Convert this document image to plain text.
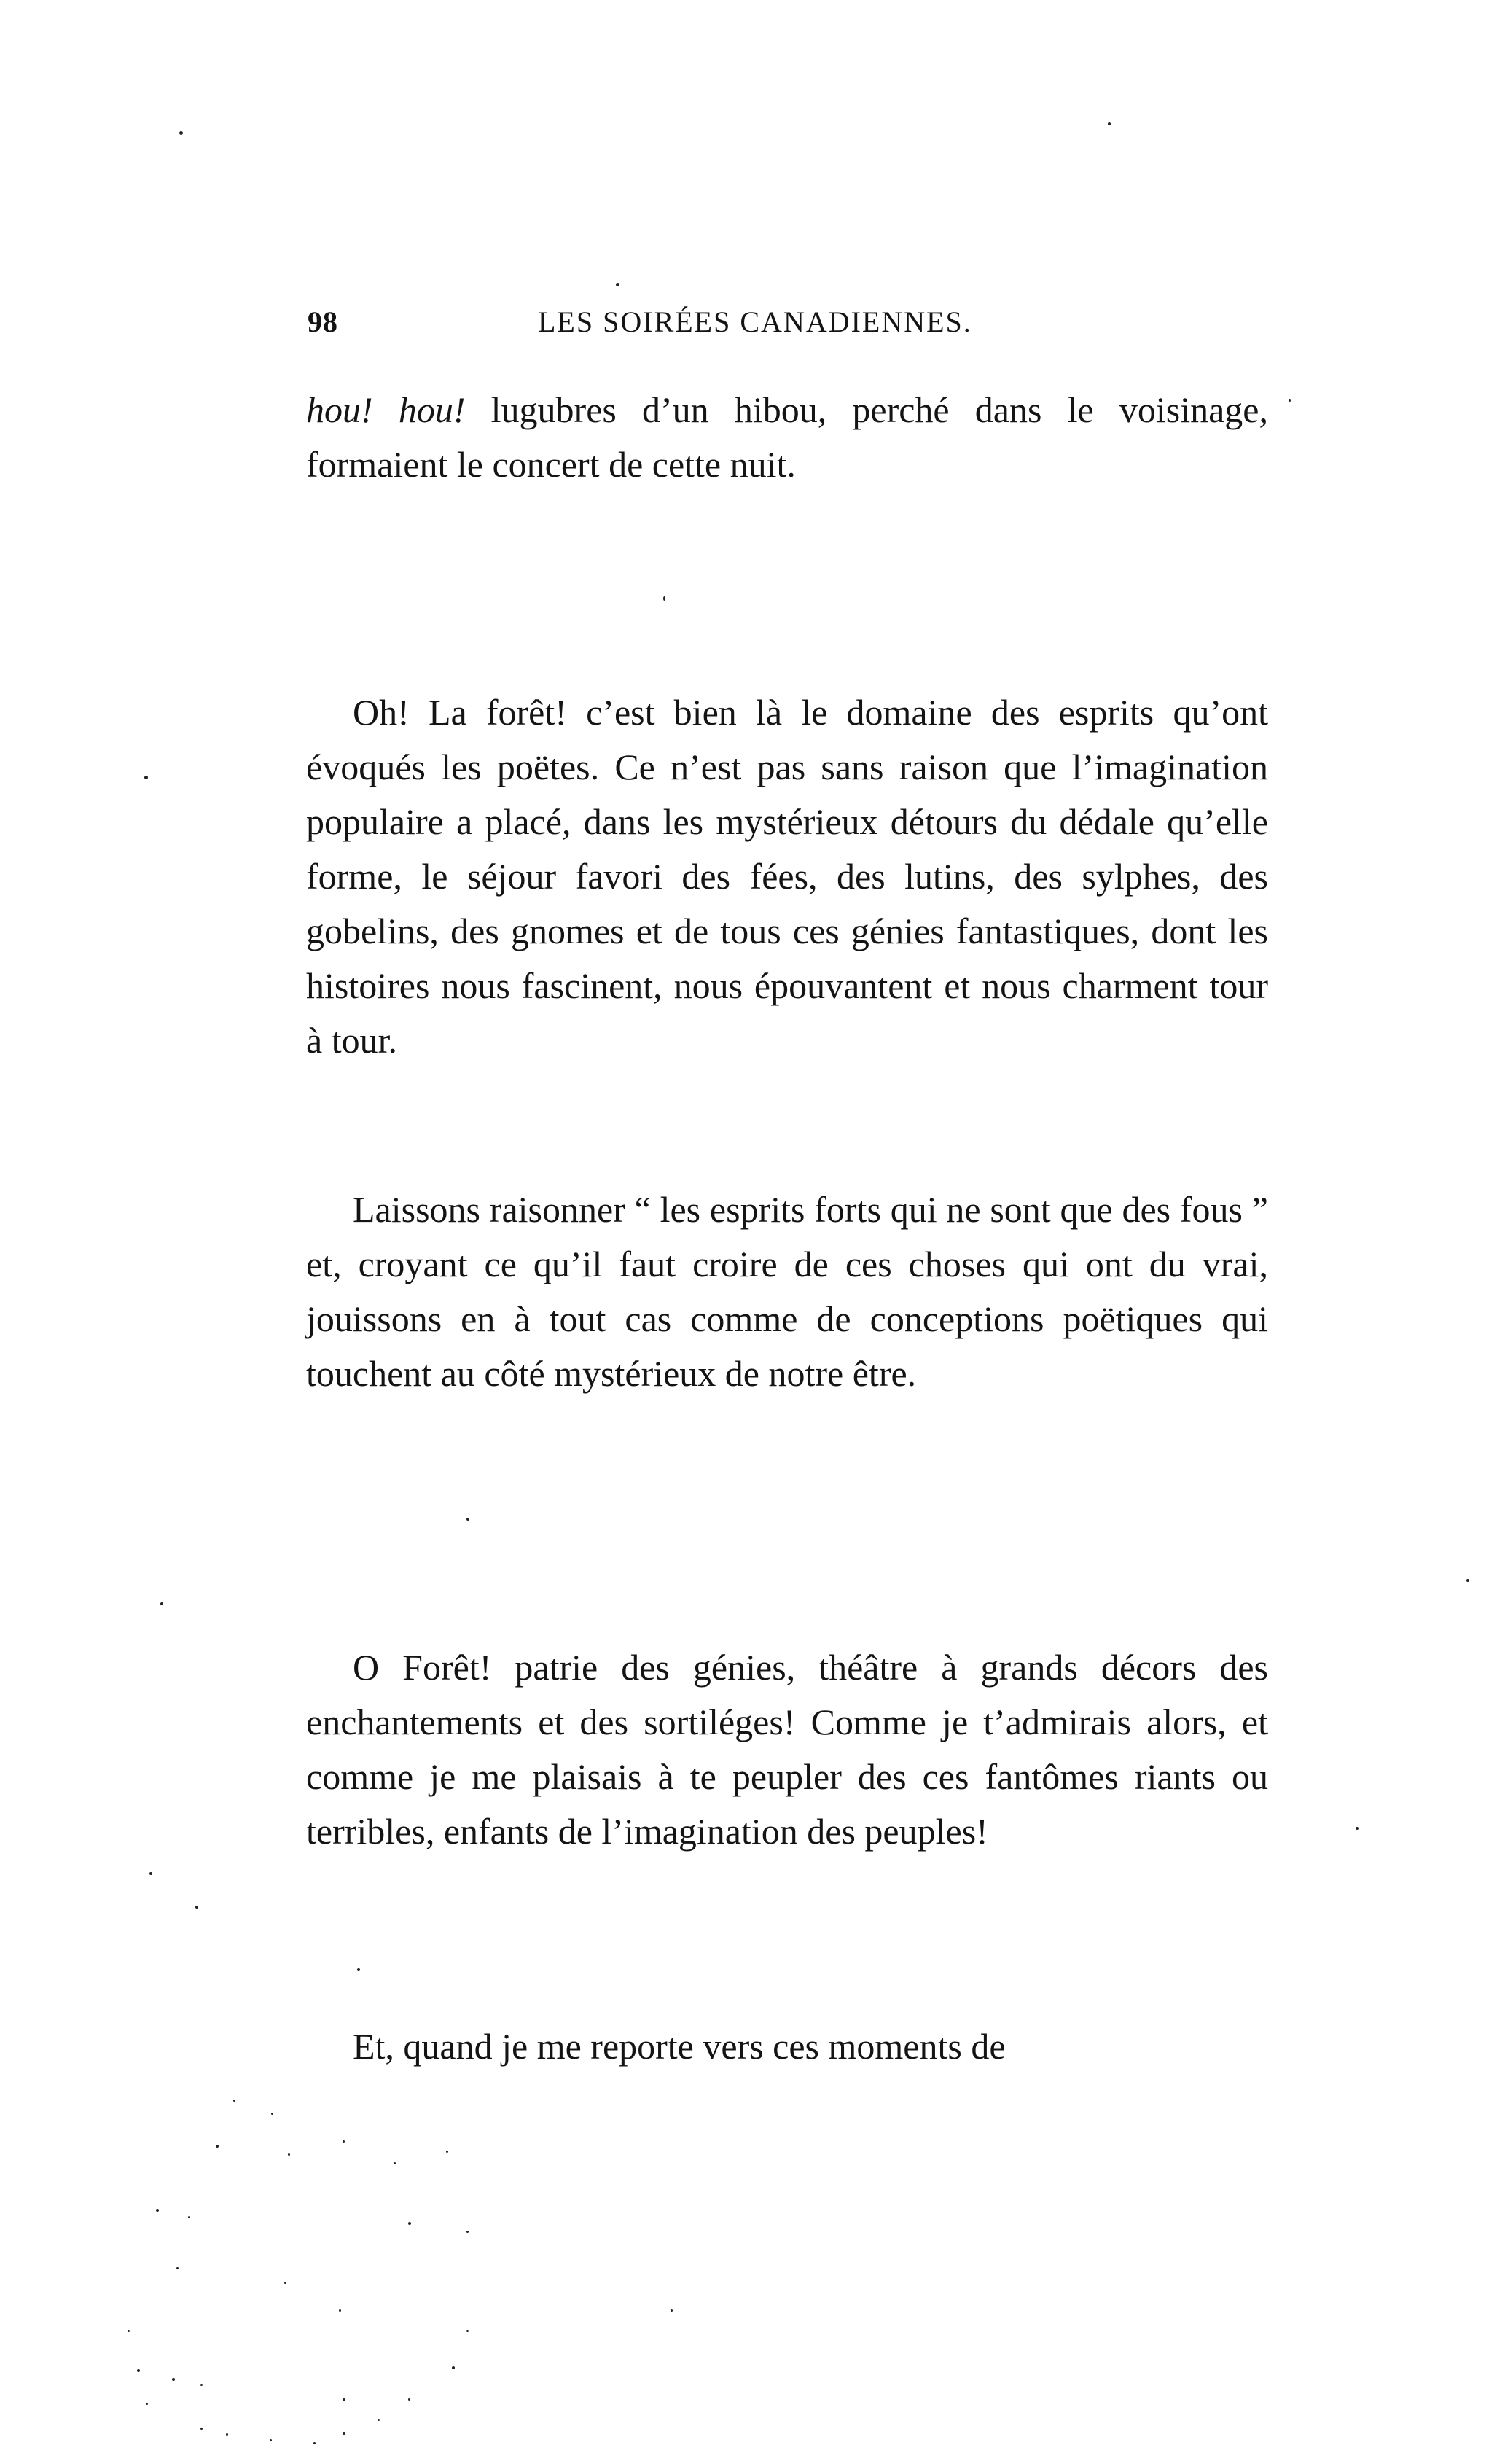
98	LES SOIRÉES CANADIENNES.

hou! hou! lugubres d’un hibou, perché dans le voisinage, formaient le concert de cette nuit.

Oh! La forêt! c’est bien là le domaine des esprits qu’ont évoqués les poëtes. Ce n’est pas sans raison que l’imagination populaire a placé, dans les mystérieux détours du dédale qu’elle forme, le séjour favori des fées, des lutins, des sylphes, des gobelins, des gnomes et de tous ces génies fantastiques, dont les histoires nous fascinent, nous épouvantent et nous charment tour à tour.

Laissons raisonner “ les esprits forts qui ne sont que des fous ” et, croyant ce qu’il faut croire de ces choses qui ont du vrai, jouissons en à tout cas comme de conceptions poëtiques qui touchent au côté mystérieux de notre être.

O Forêt! patrie des génies, théâtre à grands décors des enchantements et des sortiléges! Comme je t’admirais alors, et comme je me plaisais à te peupler des ces fantômes riants ou terribles, enfants de l’imagination des peuples!

Et, quand je me reporte vers ces moments de
